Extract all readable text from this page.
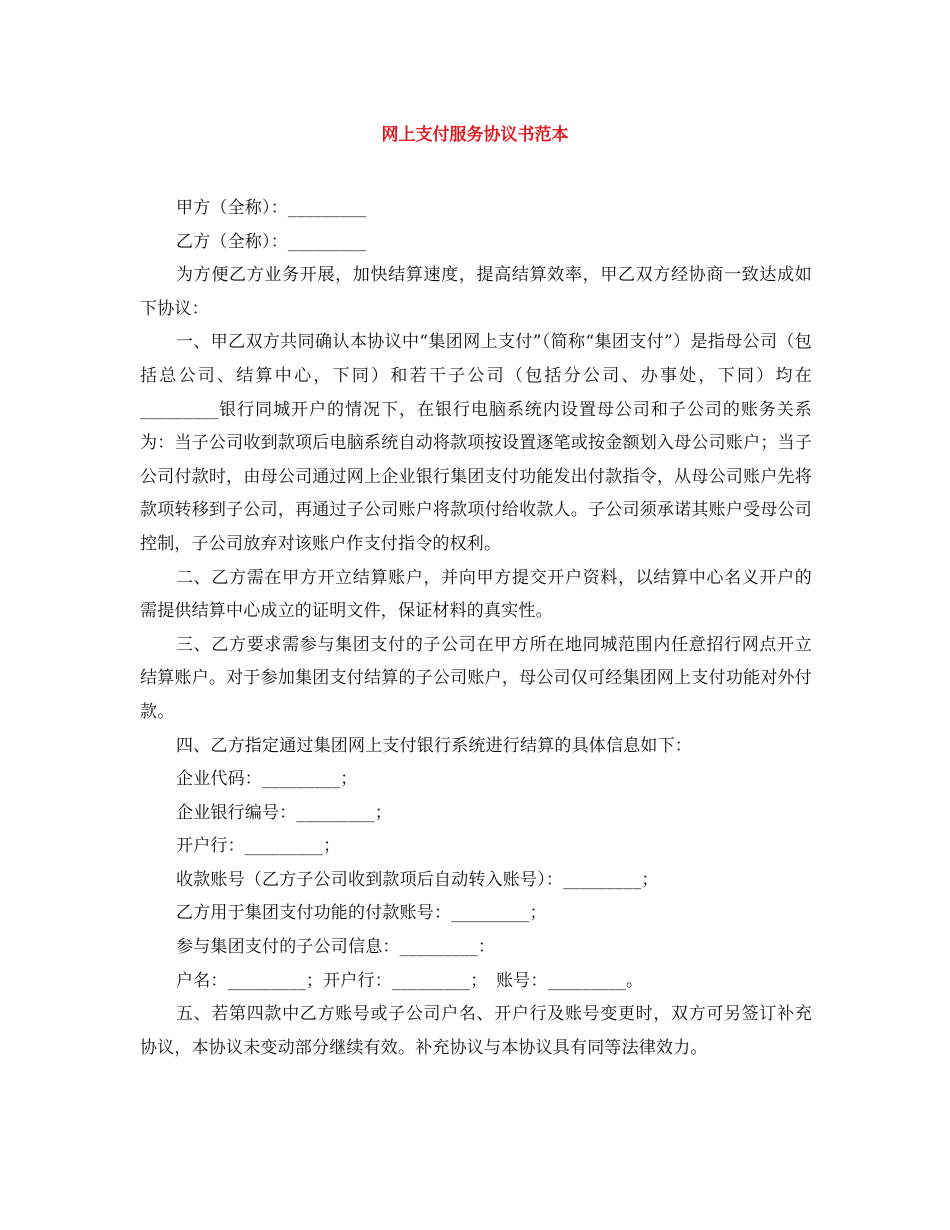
网上支付服务协议书范本

甲方（全称）：_________

乙方（全称）：_________

为方便乙方业务开展，加快结算速度，提高结算效率，甲乙双方经协商一致达成如下协议：

一、甲乙双方共同确认本协议中“集团网上支付”（简称“集团支付”）是指母公司（包括总公司、结算中心，下同）和若干子公司（包括分公司、办事处，下同）均在_________银行同城开户的情况下，在银行电脑系统内设置母公司和子公司的账务关系为：当子公司收到款项后电脑系统自动将款项按设置逐笔或按金额划入母公司账户；当子公司付款时，由母公司通过网上企业银行集团支付功能发出付款指令，从母公司账户先将款项转移到子公司，再通过子公司账户将款项付给收款人。子公司须承诺其账户受母公司控制，子公司放弃对该账户作支付指令的权利。

二、乙方需在甲方开立结算账户，并向甲方提交开户资料，以结算中心名义开户的需提供结算中心成立的证明文件，保证材料的真实性。

三、乙方要求需参与集团支付的子公司在甲方所在地同城范围内任意招行网点开立结算账户。对于参加集团支付结算的子公司账户，母公司仅可经集团网上支付功能对外付款。

四、乙方指定通过集团网上支付银行系统进行结算的具体信息如下：

企业代码：_________；

企业银行编号：_________；

开户行：_________；

收款账号（乙方子公司收到款项后自动转入账号）：_________；

乙方用于集团支付功能的付款账号：_________；

参与集团支付的子公司信息：_________：

户名：_________；开户行：_________；　账号：_________。

五、若第四款中乙方账号或子公司户名、开户行及账号变更时，双方可另签订补充协议，本协议未变动部分继续有效。补充协议与本协议具有同等法律效力。
